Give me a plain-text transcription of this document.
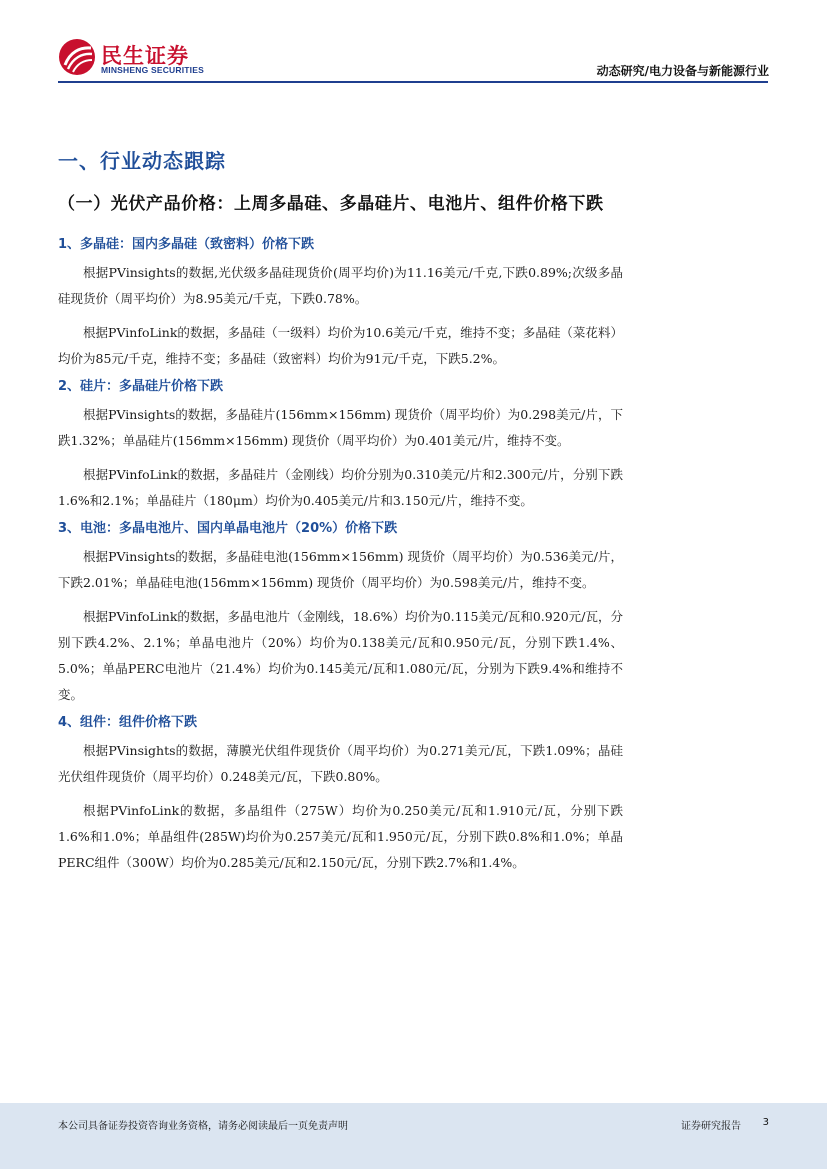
民生证券
MINSHENG SECURITIES	动态研究/电力设备与新能源行业
一、行业动态跟踪
（一）光伏产品价格：上周多晶硅、多晶硅片、电池片、组件价格下跌
1、多晶硅：国内多晶硅（致密料）价格下跌

根据PVinsights的数据,光伏级多晶硅现货价(周平均价)为11.16美元/千克,下跌0.89%;次级多晶硅现货价（周平均价）为8.95美元/千克，下跌0.78%。

根据PVinfoLink的数据，多晶硅（一级料）均价为10.6美元/千克，维持不变；多晶硅（菜花料）均价为85元/千克，维持不变；多晶硅（致密料）均价为91元/千克，下跌5.2%。

2、硅片：多晶硅片价格下跌

根据PVinsights的数据，多晶硅片(156mm×156mm) 现货价（周平均价）为0.298美元/片，下跌1.32%；单晶硅片(156mm×156mm) 现货价（周平均价）为0.401美元/片，维持不变。

根据PVinfoLink的数据，多晶硅片（金刚线）均价分别为0.310美元/片和2.300元/片，分别下跌1.6%和2.1%；单晶硅片（180μm）均价为0.405美元/片和3.150元/片，维持不变。

3、电池：多晶电池片、国内单晶电池片（20%）价格下跌

根据PVinsights的数据，多晶硅电池(156mm×156mm) 现货价（周平均价）为0.536美元/片，下跌2.01%；单晶硅电池(156mm×156mm) 现货价（周平均价）为0.598美元/片，维持不变。

根据PVinfoLink的数据，多晶电池片（金刚线，18.6%）均价为0.115美元/瓦和0.920元/瓦，分别下跌4.2%、2.1%；单晶电池片（20%）均价为0.138美元/瓦和0.950元/瓦，分别下跌1.4%、5.0%；单晶PERC电池片（21.4%）均价为0.145美元/瓦和1.080元/瓦，分别为下跌9.4%和维持不变。

4、组件：组件价格下跌

根据PVinsights的数据，薄膜光伏组件现货价（周平均价）为0.271美元/瓦，下跌1.09%；晶硅光伏组件现货价（周平均价）0.248美元/瓦，下跌0.80%。

根据PVinfoLink的数据，多晶组件（275W）均价为0.250美元/瓦和1.910元/瓦，分别下跌1.6%和1.0%；单晶组件(285W)均价为0.257美元/瓦和1.950元/瓦，分别下跌0.8%和1.0%；单晶PERC组件（300W）均价为0.285美元/瓦和2.150元/瓦，分别下跌2.7%和1.4%。

本公司具备证券投资咨询业务资格，请务必阅读最后一页免责声明	证券研究报告 3
